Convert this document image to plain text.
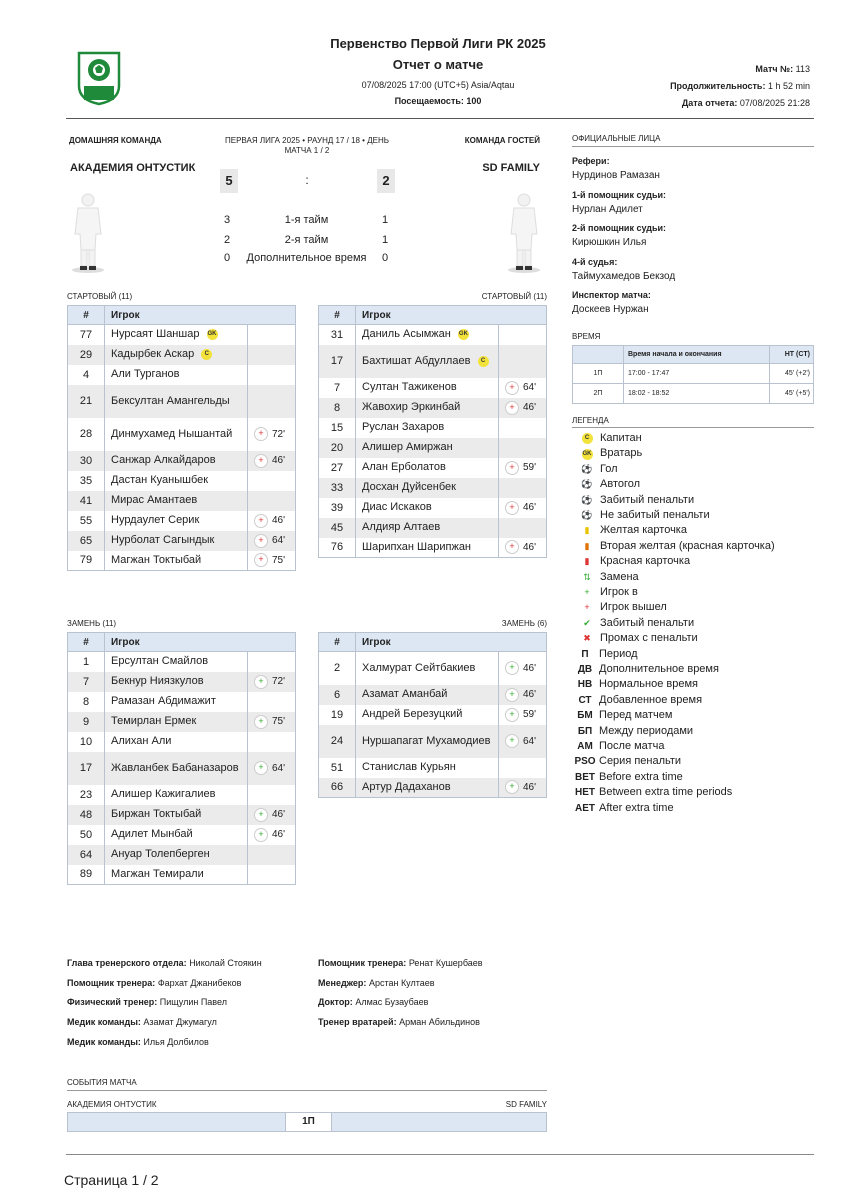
Первенство Первой Лиги РК 2025
Отчет о матче
07/08/2025 17:00 (UTC+5) Asia/Aqtau
Посещаемость: 100
Матч №: 113
Продолжительность: 1 h 52 min
Дата отчета: 07/08/2025 21:28
ДОМАШНЯЯ КОМАНДА	КОМАНДА ГОСТЕЙ
ПЕРВАЯ ЛИГА 2025 • РАУНД 17 / 18 • ДЕНЬ МАТЧА 1 / 2
АКАДЕМИЯ ОНТУСТИК	SD FAMILY
5	:	2
3	1-я тайм	1
2	2-я тайм	1
0	Дополнительное время	0
СТАРТОВЫЙ (11)	СТАРТОВЫЙ (11)
#	Игрок	
77	Нурсаят Шаншар GK	
29	Кадырбек Аскар C	
4	Али Турганов	
21	Бексултан Амангельды	
28	Динмухамед Нышантай	+ 72'
30	Санжар Алкайдаров	+ 46'
35	Дастан Куанышбек	
41	Мирас Амантаев	
55	Нурдаулет Серик	+ 46'
65	Нурболат Сагындык	+ 64'
79	Магжан Токтыбай	+ 75'
#	Игрок	
31	Даниль Асымжан GK	
17	Бахтишат Абдуллаев C	
7	Султан Тажикенов	+ 64'
8	Жавохир Эркинбай	+ 46'
15	Руслан Захаров	
20	Алишер Амиржан	
27	Алан Ерболатов	+ 59'
33	Досхан Дуйсенбек	
39	Диас Искаков	+ 46'
45	Алдияр Алтаев	
76	Шарипхан Шарипжан	+ 46'
ЗАМЕНЬ (11)	ЗАМЕНЬ (6)
#	Игрок	
1	Ерсултан Смайлов	
7	Бекнур Ниязкулов	+ 72'
8	Рамазан Абдимажит	
9	Темирлан Ермек	+ 75'
10	Алихан Али	
17	Жавланбек Бабаназаров	+ 64'
23	Алишер Кажигалиев	
48	Биржан Токтыбай	+ 46'
50	Адилет Мынбай	+ 46'
64	Ануар Толепберген	
89	Магжан Темирали	
#	Игрок	
2	Халмурат Сейтбакиев	+ 46'
6	Азамат Аманбай	+ 46'
19	Андрей Березуцкий	+ 59'
24	Нуршапагат Мухамодиев	+ 64'
51	Станислав Курьян	
66	Артур Дадаханов	+ 46'
ОФИЦИАЛЬНЫЕ ЛИЦА
Рефери:
Нурдинов Рамазан
1-й помощник судьи:
Нурлан Адилет
2-й помощник судьи:
Кирюшкин Илья
4-й судья:
Таймухамедов Бекзод
Инспектор матча:
Доскеев Нуржан
ВРЕМЯ
	Время начала и окончания	HT (CT)
1П	17:00 - 17:47	45' (+2')
2П	18:02 - 18:52	45' (+5')
ЛЕГЕНДА
C Капитан
GK Вратарь
⚽ Гол
⚽ Автогол
⚽ Забитый пенальти
⚽ Не забитый пенальти
▮ Желтая карточка
▮ Вторая желтая (красная карточка)
▮ Красная карточка
⇅ Замена
+ Игрок в
+ Игрок вышел
✔ Забитый пенальти
✖ Промах с пенальти
П Период
ДВ Дополнительное время
НВ Нормальное время
СТ Добавленное время
БМ Перед матчем
БП Между периодами
АМ После матча
PSO Серия пенальти
BET Before extra time
HET Between extra time periods
AET After extra time
Глава тренерского отдела: Николай Стоякин
Помощник тренера: Фархат Джанибеков
Физический тренер: Пищулин Павел
Медик команды: Азамат Джумагул
Медик команды: Илья Долбилов
Помощник тренера: Ренат Кушербаев
Менеджер: Арстан Култаев
Доктор: Алмас Бузаубаев
Тренер вратарей: Арман Абильдинов
СОБЫТИЯ МАТЧА
АКАДЕМИЯ ОНТУСТИК	SD FAMILY
1П
Страница 1 / 2
